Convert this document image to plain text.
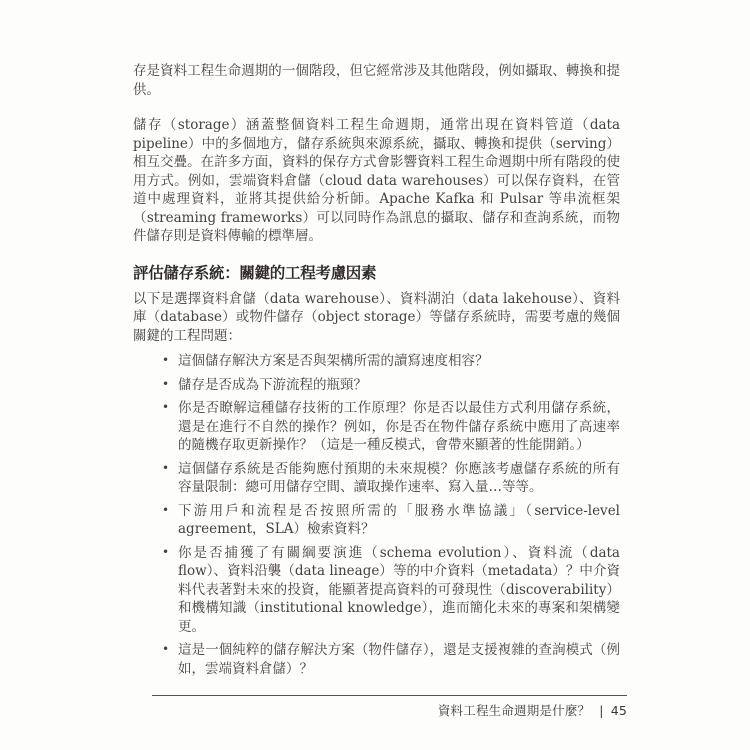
存是資料工程生命週期的一個階段，但它經常涉及其他階段，例如攝取、轉換和提供。

儲存（storage）涵蓋整個資料工程生命週期，通常出現在資料管道（data pipeline）中的多個地方，儲存系統與來源系統，攝取、轉換和提供（serving）相互交疊。在許多方面，資料的保存方式會影響資料工程生命週期中所有階段的使用方式。例如，雲端資料倉儲（cloud data warehouses）可以保存資料，在管道中處理資料，並將其提供給分析師。Apache Kafka 和 Pulsar 等串流框架（streaming frameworks）可以同時作為訊息的攝取、儲存和查詢系統，而物件儲存則是資料傳輸的標準層。

評估儲存系統：關鍵的工程考慮因素

以下是選擇資料倉儲（data warehouse）、資料湖泊（data lakehouse）、資料庫（database）或物件儲存（object storage）等儲存系統時，需要考慮的幾個關鍵的工程問題：

• 這個儲存解決方案是否與架構所需的讀寫速度相容？
• 儲存是否成為下游流程的瓶頸？
• 你是否瞭解這種儲存技術的工作原理？你是否以最佳方式利用儲存系統，還是在進行不自然的操作？例如，你是否在物件儲存系統中應用了高速率的隨機存取更新操作？（這是一種反模式，會帶來顯著的性能開銷。）
• 這個儲存系統是否能夠應付預期的未來規模？你應該考慮儲存系統的所有容量限制：總可用儲存空間、讀取操作速率、寫入量…等等。
• 下游用戶和流程是否按照所需的「服務水準協議」（service-level agreement，SLA）檢索資料？
• 你是否捕獲了有關綱要演進（schema evolution）、資料流（data flow）、資料沿襲（data lineage）等的中介資料（metadata）？中介資料代表著對未來的投資，能顯著提高資料的可發現性（discoverability）和機構知識（institutional knowledge），進而簡化未來的專案和架構變更。
• 這是一個純粹的儲存解決方案（物件儲存），還是支援複雜的查詢模式（例如，雲端資料倉儲）？
資料工程生命週期是什麼？ | 45
